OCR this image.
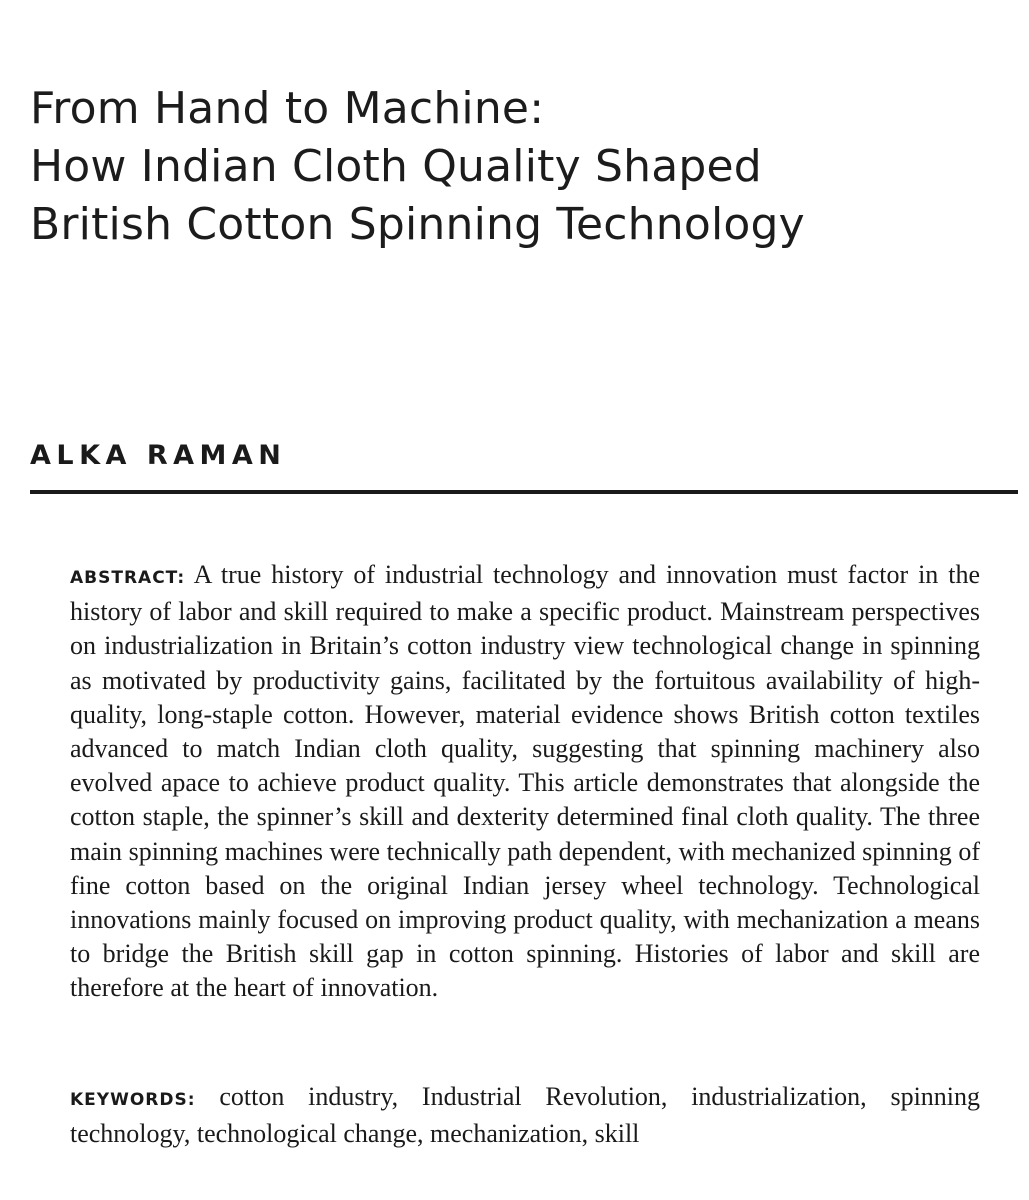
From Hand to Machine:
How Indian Cloth Quality Shaped
British Cotton Spinning Technology
ALKA RAMAN

ABSTRACT: A true history of industrial technology and innovation must factor in the history of labor and skill required to make a specific product. Mainstream perspectives on industrialization in Britain’s cotton industry view technological change in spinning as motivated by productivity gains, facilitated by the fortuitous availability of high-quality, long-staple cotton. However, material evidence shows British cotton textiles advanced to match Indian cloth quality, suggesting that spinning machinery also evolved apace to achieve product quality. This article demonstrates that alongside the cotton staple, the spinner’s skill and dexterity determined final cloth quality. The three main spinning machines were technically path dependent, with mechanized spinning of fine cotton based on the original Indian jersey wheel technology. Technological innovations mainly focused on improving product quality, with mechanization a means to bridge the British skill gap in cotton spinning. Histories of labor and skill are therefore at the heart of innovation.

KEYWORDS: cotton industry, Industrial Revolution, industrialization, spinning technology, technological change, mechanization, skill
